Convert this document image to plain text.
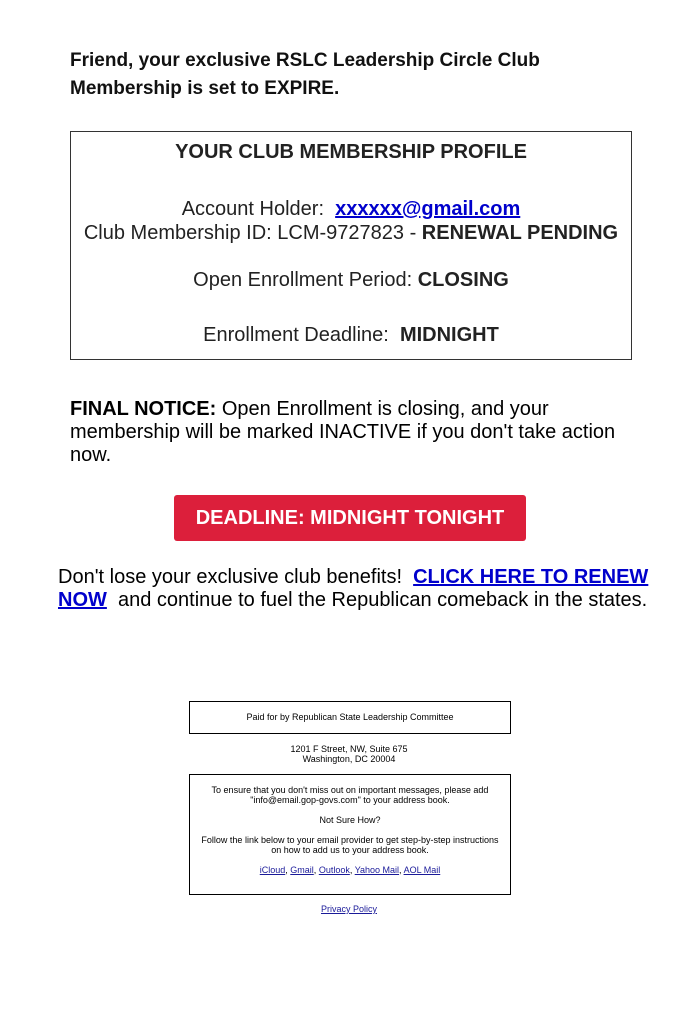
Friend, your exclusive RSLC Leadership Circle Club Membership is set to EXPIRE.
YOUR CLUB MEMBERSHIP PROFILE
Account Holder: xxxxxx@gmail.com
Club Membership ID: LCM-9727823 - RENEWAL PENDING
Open Enrollment Period: CLOSING
Enrollment Deadline: MIDNIGHT
FINAL NOTICE: Open Enrollment is closing, and your membership will be marked INACTIVE if you don't take action now.
DEADLINE: MIDNIGHT TONIGHT
Don't lose your exclusive club benefits!  CLICK HERE TO RENEW NOW  and continue to fuel the Republican comeback in the states.
Paid for by Republican State Leadership Committee
1201 F Street, NW, Suite 675
Washington, DC 20004

To ensure that you don't miss out on important messages, please add "info@email.gop-govs.com" to your address book.

Not Sure How?

Follow the link below to your email provider to get step-by-step instructions on how to add us to your address book.

iCloud, Gmail, Outlook, Yahoo Mail, AOL Mail

Privacy Policy
